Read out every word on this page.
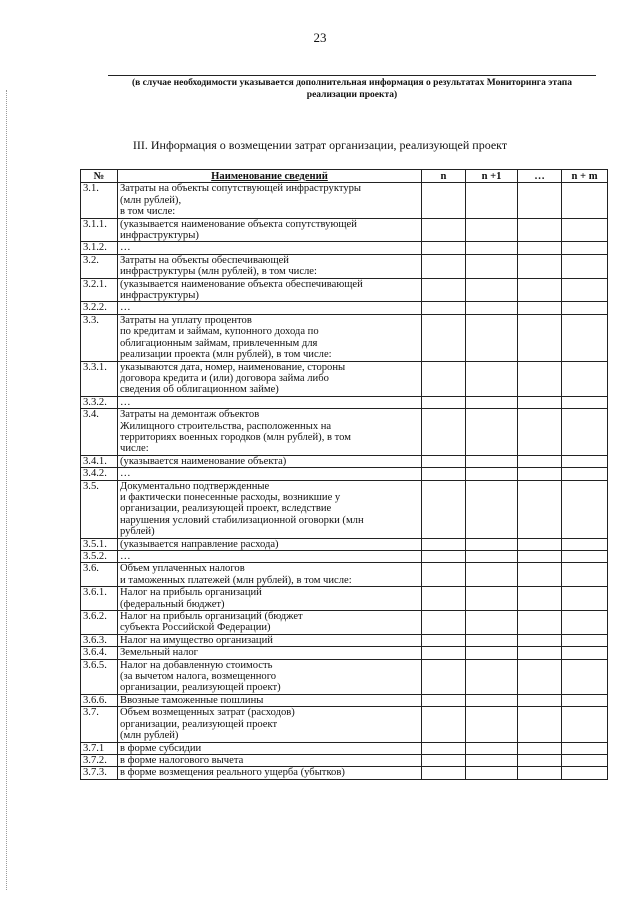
23
(в случае необходимости указывается дополнительная информация о результатах Мониторинга этапа реализации проекта)
III. Информация о возмещении затрат организации, реализующей проект
№	Наименование сведений	n	n +1	…	n + m
3.1.	Затраты на объекты сопутствующей инфраструктуры
(млн рублей),
в том числе:				
3.1.1.	(указывается наименование объекта сопутствующей
инфраструктуры)				
3.1.2.	…				
3.2.	Затраты на объекты обеспечивающей
инфраструктуры (млн рублей), в том числе:				
3.2.1.	(указывается наименование объекта обеспечивающей
инфраструктуры)				
3.2.2.	…				
3.3.	Затраты на уплату процентов
по кредитам и займам, купонного дохода по
облигационным займам, привлеченным для
реализации проекта (млн рублей), в том числе:				
3.3.1.	указываются дата, номер, наименование, стороны
договора кредита и (или) договора займа либо
сведения об облигационном займе)				
3.3.2.	…				
3.4.	Затраты на демонтаж объектов
Жилищного строительства, расположенных на
территориях военных городков (млн рублей), в том
числе:				
3.4.1.	(указывается наименование объекта)				
3.4.2.	…				
3.5.	Документально подтвержденные
и фактически понесенные расходы, возникшие у
организации, реализующей проект, вследствие
нарушения условий стабилизационной оговорки (млн
рублей)				
3.5.1.	(указывается направление расхода)				
3.5.2.	…				
3.6.	Объем уплаченных налогов
и таможенных платежей (млн рублей), в том числе:				
3.6.1.	Налог на прибыль организаций
(федеральный бюджет)				
3.6.2.	Налог на прибыль организаций (бюджет
субъекта Российской Федерации)				
3.6.3.	Налог на имущество организаций				
3.6.4.	Земельный налог				
3.6.5.	Налог на добавленную стоимость
(за вычетом налога, возмещенного
организации, реализующей проект)				
3.6.6.	Ввозные таможенные пошлины				
3.7.	Объем возмещенных затрат (расходов)
организации, реализующей проект
(млн рублей)				
3.7.1	в форме субсидии				
3.7.2.	в форме налогового вычета				
3.7.3.	в форме возмещения реального ущерба (убытков)				
